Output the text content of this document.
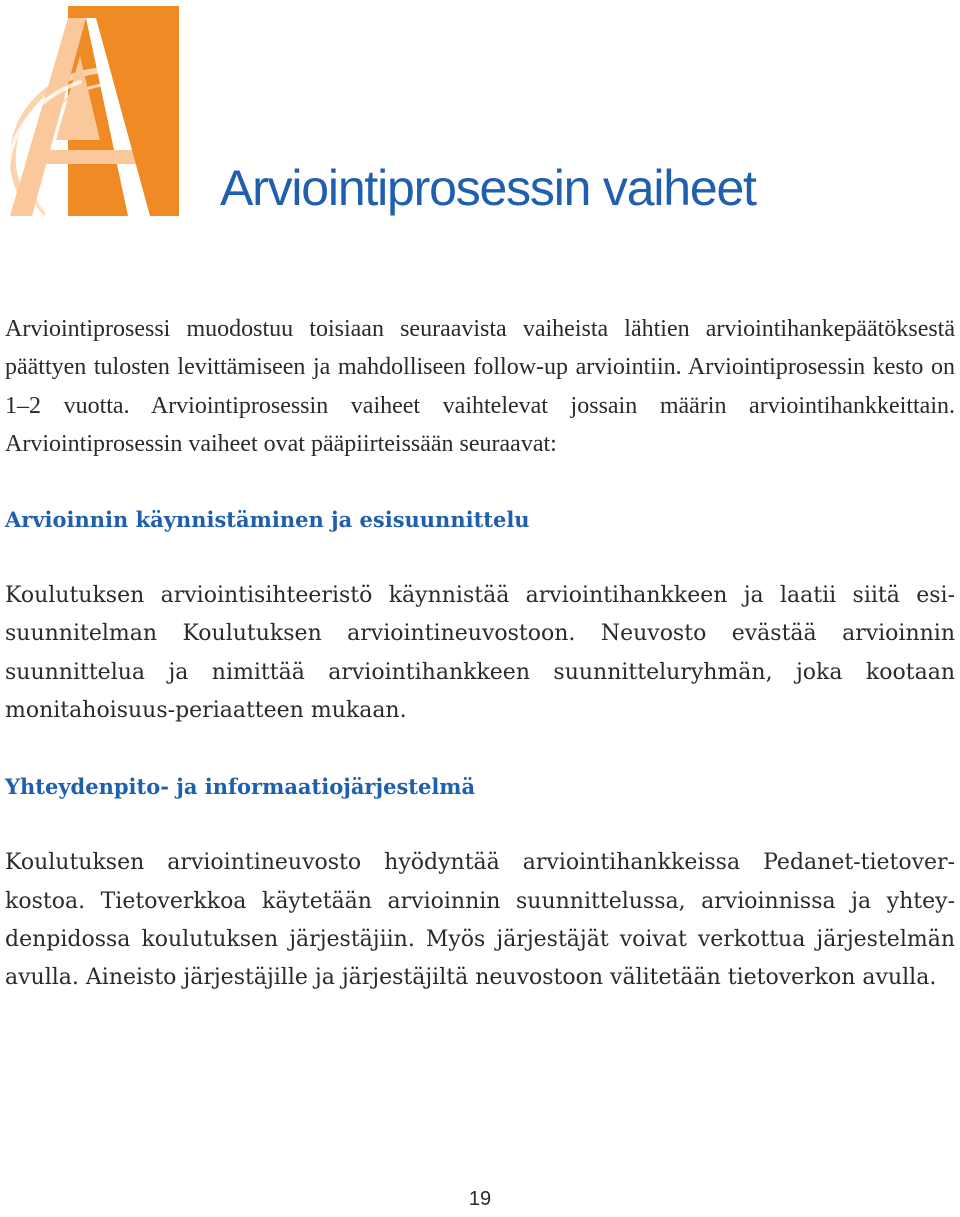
Arviointiprosessin vaiheet

Arviointiprosessi muodostuu toisiaan seuraavista vaiheista lähtien arviointihankepäätöksestä päättyen tulosten levittämiseen ja mahdolliseen follow-up arviointiin. Arviointiprosessin kesto on 1–2 vuotta. Arviointiprosessin vaiheet vaihtelevat jossain määrin arviointihankkeittain. Arviointiprosessin vaiheet ovat pääpiirteissään seuraavat:

Arvioinnin käynnistäminen ja esisuunnittelu

Koulutuksen arviointisihteeristö käynnistää arviointihankkeen ja laatii siitä esisuunnitelman Koulutuksen arviointineuvostoon. Neuvosto evästää arvioinnin suunnittelua ja nimittää arviointihankkeen suunnitteluryhmän, joka kootaan monitahoisuus-periaatteen mukaan.

Yhteydenpito- ja informaatiojärjestelmä

Koulutuksen arviointineuvosto hyödyntää arviointihankkeissa Pedanet-tietoverkostoa. Tietoverkkoa käytetään arvioinnin suunnittelussa, arvioinnissa ja yhteydenpidossa koulutuksen järjestäjiin. Myös järjestäjät voivat verkottua järjestelmän avulla. Aineisto järjestäjille ja järjestäjiltä neuvostoon välitetään tietoverkon avulla.

19
